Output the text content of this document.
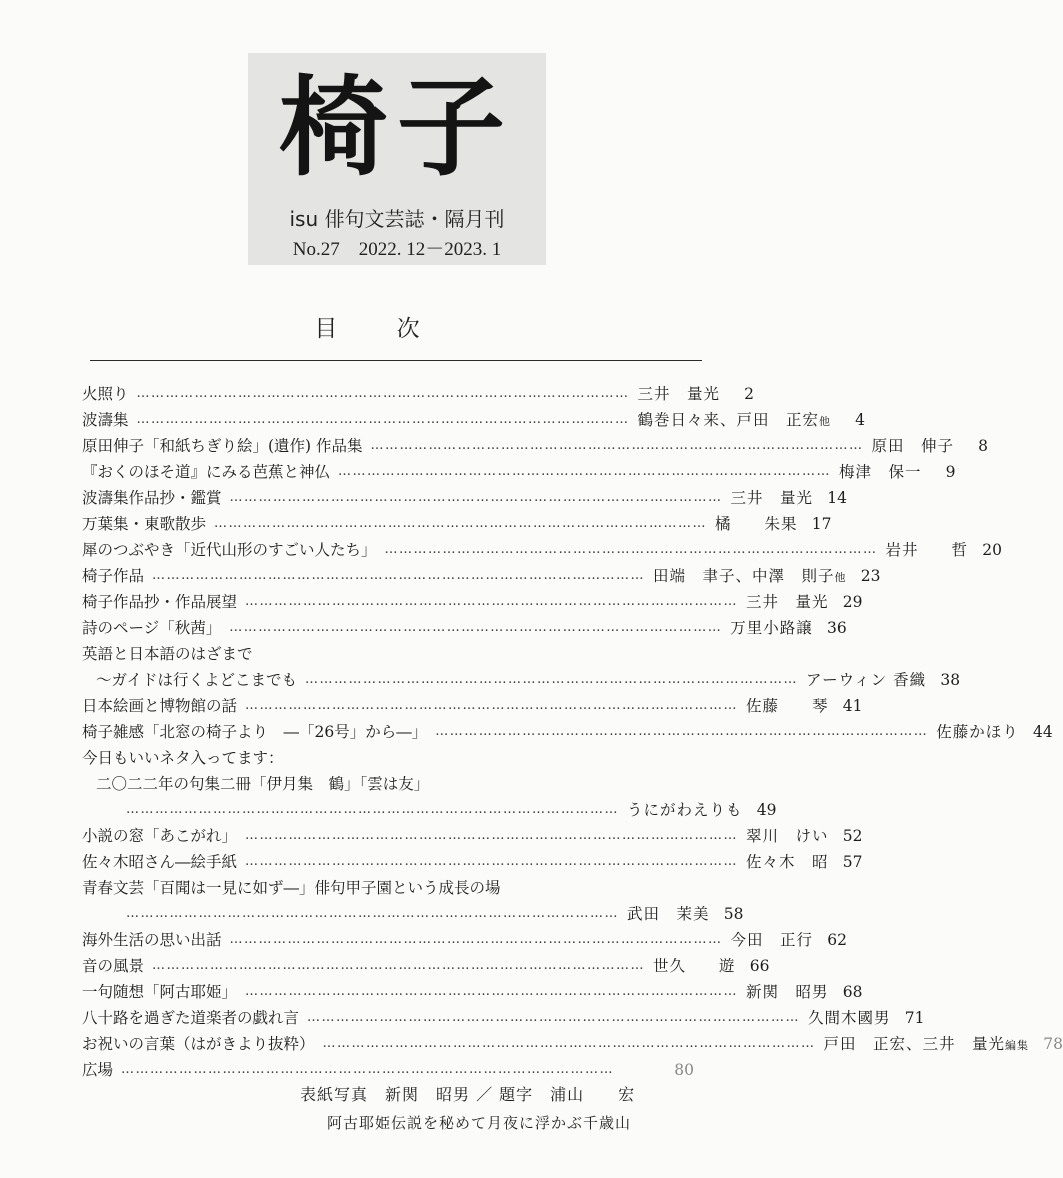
椅子
isu 俳句文芸誌・隔月刊
No.27　2022. 12－2023. 1
目 次
火照り ………………………………………………………………………………………… 三井　量光	2
波濤集 ………………………………………………………………………………………… 鶴巻日々来、戸田　正宏他	4
原田伸子「和紙ちぎり絵」(遺作) 作品集 ………………………………………………………………………………………… 原田　伸子	8
『おくのほそ道』にみる芭蕉と神仏 ………………………………………………………………………………………… 梅津　保一	9
波濤集作品抄・鑑賞 ………………………………………………………………………………………… 三井　量光 14
万葉集・東歌散歩 ………………………………………………………………………………………… 橘　　朱果 17
犀のつぶやき「近代山形のすごい人たち」 ………………………………………………………………………………………… 岩井　　哲 20
椅子作品 ………………………………………………………………………………………… 田端　聿子、中澤　則子他 23
椅子作品抄・作品展望 ………………………………………………………………………………………… 三井　量光 29
詩のページ「秋茜」 ………………………………………………………………………………………… 万里小路譲 36
英語と日本語のはざまで
～ガイドは行くよどこまでも ………………………………………………………………………………………… アーウィン 香織 38
日本絵画と博物館の話 ………………………………………………………………………………………… 佐藤　　琴 41
椅子雑感「北窓の椅子より　―「26号」から―」 ………………………………………………………………………………………… 佐藤かほり 44
今日もいいネタ入ってます：
二〇二二年の句集二冊「伊月集　鶴」「雲は友」
………………………………………………………………………………………… うにがわえりも 49
小説の窓「あこがれ」 ………………………………………………………………………………………… 翠川　けい 52
佐々木昭さん―絵手紙 ………………………………………………………………………………………… 佐々木　昭 57
青春文芸「百聞は一見に如ず―」俳句甲子園という成長の場
………………………………………………………………………………………… 武田　茉美 58
海外生活の思い出話 ………………………………………………………………………………………… 今田　正行 62
音の風景 ………………………………………………………………………………………… 世久　　遊 66
一句随想「阿古耶姫」 ………………………………………………………………………………………… 新関　昭男 68
八十路を過ぎた道楽者の戯れ言 ………………………………………………………………………………………… 久間木國男 71
お祝いの言葉（はがきより抜粋） ………………………………………………………………………………………… 戸田　正宏、三井　量光編集 78
広場 …………………………………………………………………………………………	80
表紙写真　新関　昭男 ／ 題字　浦山　　宏
阿古耶姫伝説を秘めて月夜に浮かぶ千歳山
